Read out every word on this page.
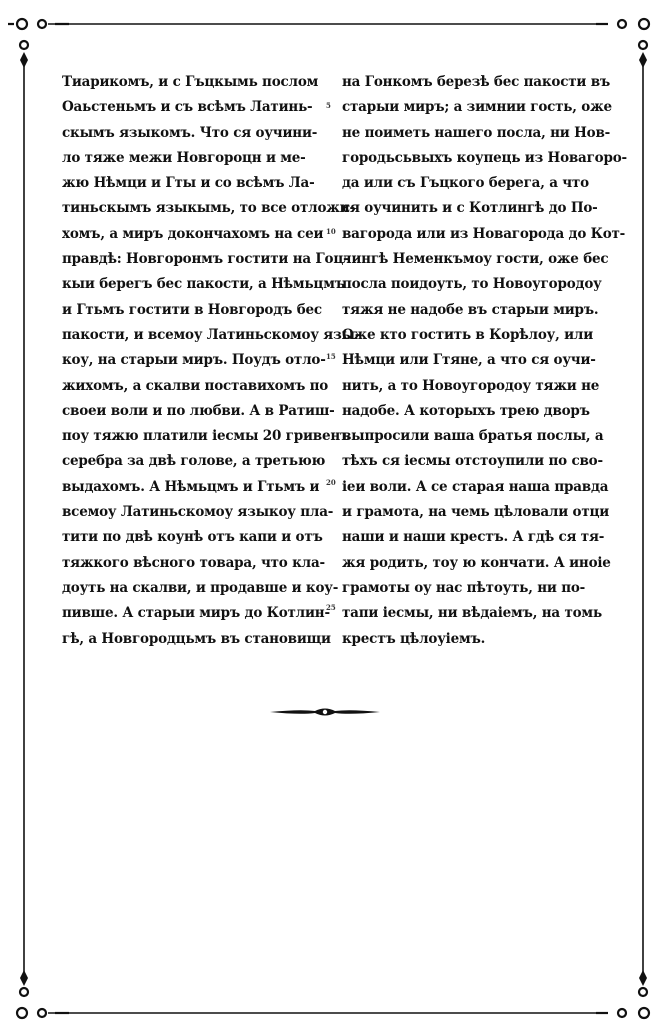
Тиарикомъ, и с Гъцкымь послом
Оаьстеньмъ и съ всѣмъ Латинь-
скымъ языкомъ. Что ся оучини-
ло тяже межи Новгороцн и ме-
жю Нѣмци и Гты и со всѣмъ Ла-
тиньскымъ языкымь, то все отложи-
хомъ, а миръ докончахомъ на сеи
правдѣ: Новгоронмъ гостити на Гоц-
кыи берегъ бес пакости, а Нѣмьцмъ
и Гтьмъ гостити в Новгородъ бес
пакости, и всемоу Латиньскомоу язы-
коу, на старыи миръ. Поудъ отло-
жихомъ, а скалви поставихомъ по
своеи воли и по любви. А в Ратиш-
поу тяжю платили іесмы 20 гривенъ
серебра за двѣ голове, а третьюю
выдахомъ. А Нѣмьцмъ и Гтьмъ и
всемоу Латиньскомоу языкоу пла-
тити по двѣ коунѣ отъ капи и отъ
тяжкого вѣсного товара, что кла-
доуть на скалви, и продавше и коу-
пивше. А старыи миръ до Котлин-
гѣ, а Новгородцьмъ въ становищи
на Гонкомъ березѣ бес пакости въ
старыи миръ; а зимнии гость, оже
не поиметь нашего посла, ни Нов-
городьсьвыхъ коупець из Новагоро-
да или съ Гъцкого берега, а что
ся оучинить и с Котлингѣ до По-
вагорода или из Новагорода до Кот-
лингѣ Неменкъмоу гости, оже бес
посла поидоуть, то Новоугородоу
тяжя не надобе въ старыи миръ.
Оже кто гостить в Корѣлоу, или
Нѣмци или Гтяне, а что ся оучи-
нить, а то Новоугородоу тяжи не
надобе. А которыхъ трею дворъ
выпросили ваша братья послы, а
тѣхъ ся іесмы отстоупили по сво-
іеи воли. А се старая наша правда
и грамота, на чемь цѣловали отци
наши и наши крестъ. А гдѣ ся тя-
жя родить, тоу ю кончати. А иноіе
грамоты оу нас пѣтоуть, ни по-
тапи іесмы, ни вѣдаіемъ, на томь
крестъ цѣлоуіемъ.
5
10
15
20
25
